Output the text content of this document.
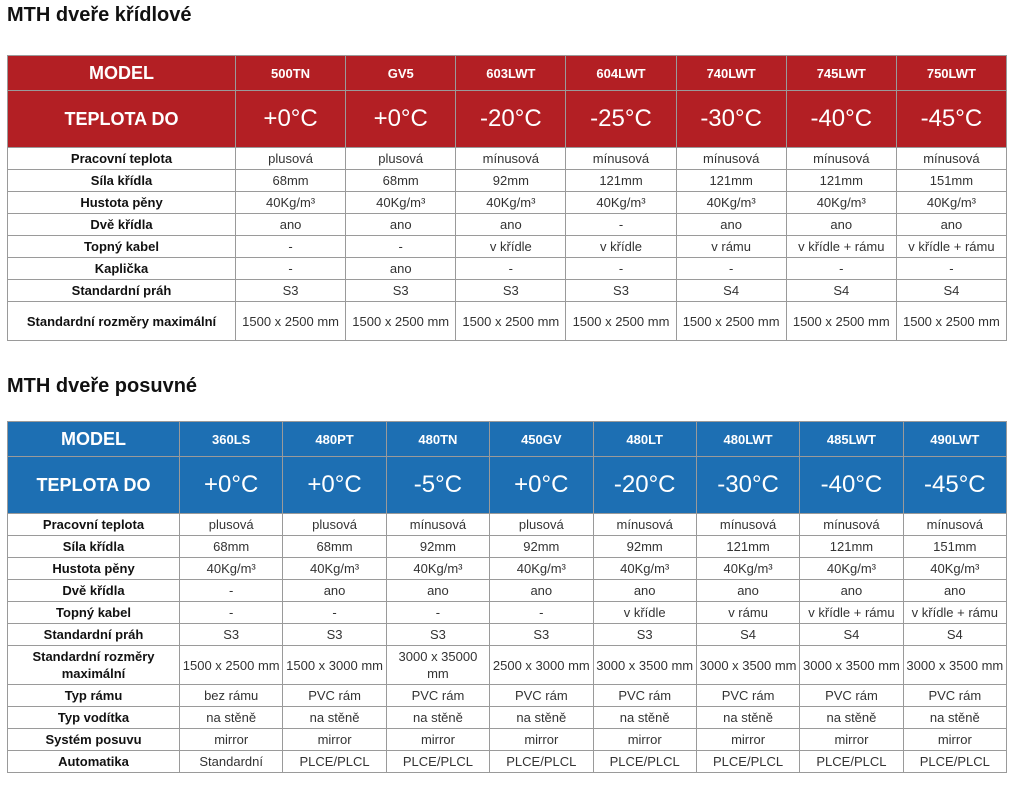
MTH dveře křídlové
MODEL	500TN	GV5	603LWT	604LWT	740LWT	745LWT	750LWT
TEPLOTA DO	+0°C	+0°C	-20°C	-25°C	-30°C	-40°C	-45°C
Pracovní teplota	plusová	plusová	mínusová	mínusová	mínusová	mínusová	mínusová
Síla křídla	68mm	68mm	92mm	121mm	121mm	121mm	151mm
Hustota pěny	40Kg/m³	40Kg/m³	40Kg/m³	40Kg/m³	40Kg/m³	40Kg/m³	40Kg/m³
Dvě křídla	ano	ano	ano	-	ano	ano	ano
Topný kabel	-	-	v křídle	v křídle	v rámu	v křídle + rámu	v křídle + rámu
Kaplička	-	ano	-	-	-	-	-
Standardní práh	S3	S3	S3	S3	S4	S4	S4
Standardní rozměry maximální	1500 x 2500 mm	1500 x 2500 mm	1500 x 2500 mm	1500 x 2500 mm	1500 x 2500 mm	1500 x 2500 mm	1500 x 2500 mm
MTH dveře posuvné
MODEL	360LS	480PT	480TN	450GV	480LT	480LWT	485LWT	490LWT
TEPLOTA DO	+0°C	+0°C	-5°C	+0°C	-20°C	-30°C	-40°C	-45°C
Pracovní teplota	plusová	plusová	mínusová	plusová	mínusová	mínusová	mínusová	mínusová
Síla křídla	68mm	68mm	92mm	92mm	92mm	121mm	121mm	151mm
Hustota pěny	40Kg/m³	40Kg/m³	40Kg/m³	40Kg/m³	40Kg/m³	40Kg/m³	40Kg/m³	40Kg/m³
Dvě křídla	-	ano	ano	ano	ano	ano	ano	ano
Topný kabel	-	-	-	-	v křídle	v rámu	v křídle + rámu	v křídle + rámu
Standardní práh	S3	S3	S3	S3	S3	S4	S4	S4
Standardní rozměry maximální	1500 x 2500 mm	1500 x 3000 mm	3000 x 35000 mm	2500 x 3000 mm	3000 x 3500 mm	3000 x 3500 mm	3000 x 3500 mm	3000 x 3500 mm
Typ rámu	bez rámu	PVC rám	PVC rám	PVC rám	PVC rám	PVC rám	PVC rám	PVC rám
Typ vodítka	na stěně	na stěně	na stěně	na stěně	na stěně	na stěně	na stěně	na stěně
Systém posuvu	mirror	mirror	mirror	mirror	mirror	mirror	mirror	mirror
Automatika	Standardní	PLCE/PLCL	PLCE/PLCL	PLCE/PLCL	PLCE/PLCL	PLCE/PLCL	PLCE/PLCL	PLCE/PLCL
